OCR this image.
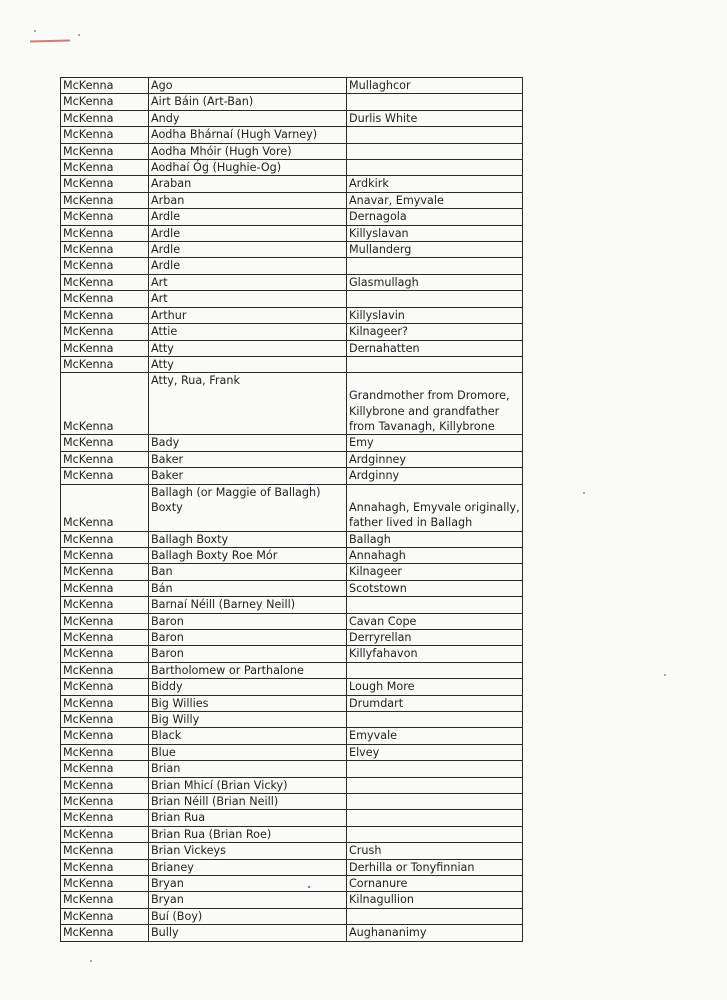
McKenna	Ago	Mullaghcor
McKenna	Airt Báin (Art-Ban)	
McKenna	Andy	Durlis White
McKenna	Aodha Bhárnaí (Hugh Varney)	
McKenna	Aodha Mhóir (Hugh Vore)	
McKenna	Aodhaí Óg (Hughie-Og)	
McKenna	Araban	Ardkirk
McKenna	Arban	Anavar, Emyvale
McKenna	Ardle	Dernagola
McKenna	Ardle	Killyslavan
McKenna	Ardle	Mullanderg
McKenna	Ardle	
McKenna	Art	Glasmullagh
McKenna	Art	
McKenna	Arthur	Killyslavin
McKenna	Attie	Kilnageer?
McKenna	Atty	Dernahatten
McKenna	Atty	
McKenna	Atty, Rua, Frank	Grandmother from Dromore, Killybrone and grandfather from Tavanagh, Killybrone
McKenna	Bady	Emy
McKenna	Baker	Ardginney
McKenna	Baker	Ardginny
McKenna	Ballagh (or Maggie of Ballagh) Boxty	Annahagh, Emyvale originally, father lived in Ballagh
McKenna	Ballagh Boxty	Ballagh
McKenna	Ballagh Boxty Roe Mór	Annahagh
McKenna	Ban	Kilnageer
McKenna	Bán	Scotstown
McKenna	Barnaí Néill (Barney Neill)	
McKenna	Baron	Cavan Cope
McKenna	Baron	Derryrellan
McKenna	Baron	Killyfahavon
McKenna	Bartholomew or Parthalone	
McKenna	Biddy	Lough More
McKenna	Big Willies	Drumdart
McKenna	Big Willy	
McKenna	Black	Emyvale
McKenna	Blue	Elvey
McKenna	Brian	
McKenna	Brian Mhicí (Brian Vicky)	
McKenna	Brian Néill (Brian Neill)	
McKenna	Brian Rua	
McKenna	Brian Rua (Brian Roe)	
McKenna	Brian Vickeys	Crush
McKenna	Brianey	Derhilla or Tonyfinnian
McKenna	Bryan	Cornanure
McKenna	Bryan	Kilnagullion
McKenna	Buí (Boy)	
McKenna	Bully	Aughananimy
